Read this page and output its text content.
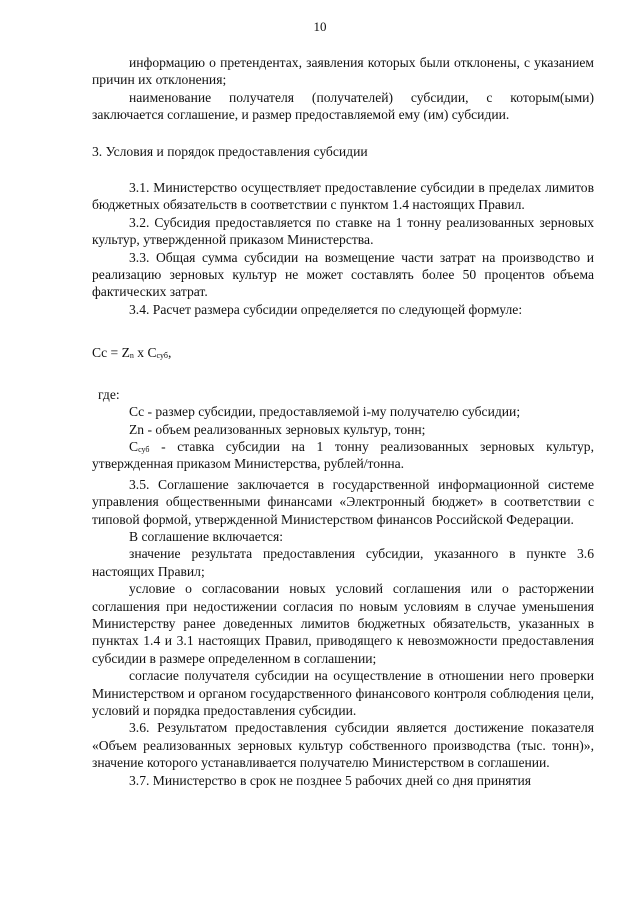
10

информацию о претендентах, заявления которых были отклонены, с указанием причин их отклонения;

наименование получателя (получателей) субсидии, с которым(ыми) заключается соглашение, и размер предоставляемой ему (им) субсидии.

3. Условия и порядок предоставления субсидии

3.1. Министерство осуществляет предоставление субсидии в пределах лимитов бюджетных обязательств в соответствии с пунктом 1.4 настоящих Правил.

3.2. Субсидия предоставляется по ставке на 1 тонну реализованных зерновых культур, утвержденной приказом Министерства.

3.3. Общая сумма субсидии на возмещение части затрат на производство и реализацию зерновых культур не может составлять более 50 процентов объема фактических затрат.

3.4. Расчет размера субсидии определяется по следующей формуле:

$Cc = Z_n$ x $C_{суб}$,

где:

Cc - размер субсидии, предоставляемой i-му получателю субсидии;

Zn - объем реализованных зерновых культур, тонн;

$C_{суб}$ - ставка субсидии на 1 тонну реализованных зерновых культур, утвержденная приказом Министерства, рублей/тонна.

3.5. Соглашение заключается в государственной информационной системе управления общественными финансами «Электронный бюджет» в соответствии с типовой формой, утвержденной Министерством финансов Российской Федерации.

В соглашение включается:

значение результата предоставления субсидии, указанного в пункте 3.6 настоящих Правил;

условие о согласовании новых условий соглашения или о расторжении соглашения при недостижении согласия по новым условиям в случае уменьшения Министерству ранее доведенных лимитов бюджетных обязательств, указанных в пунктах 1.4 и 3.1 настоящих Правил, приводящего к невозможности предоставления субсидии в размере определенном в соглашении;

согласие получателя субсидии на осуществление в отношении него проверки Министерством и органом государственного финансового контроля соблюдения цели, условий и порядка предоставления субсидии.

3.6. Результатом предоставления субсидии является достижение показателя «Объем реализованных зерновых культур собственного производства (тыс. тонн)», значение которого устанавливается получателю Министерством в соглашении.

3.7. Министерство в срок не позднее 5 рабочих дней со дня принятия
